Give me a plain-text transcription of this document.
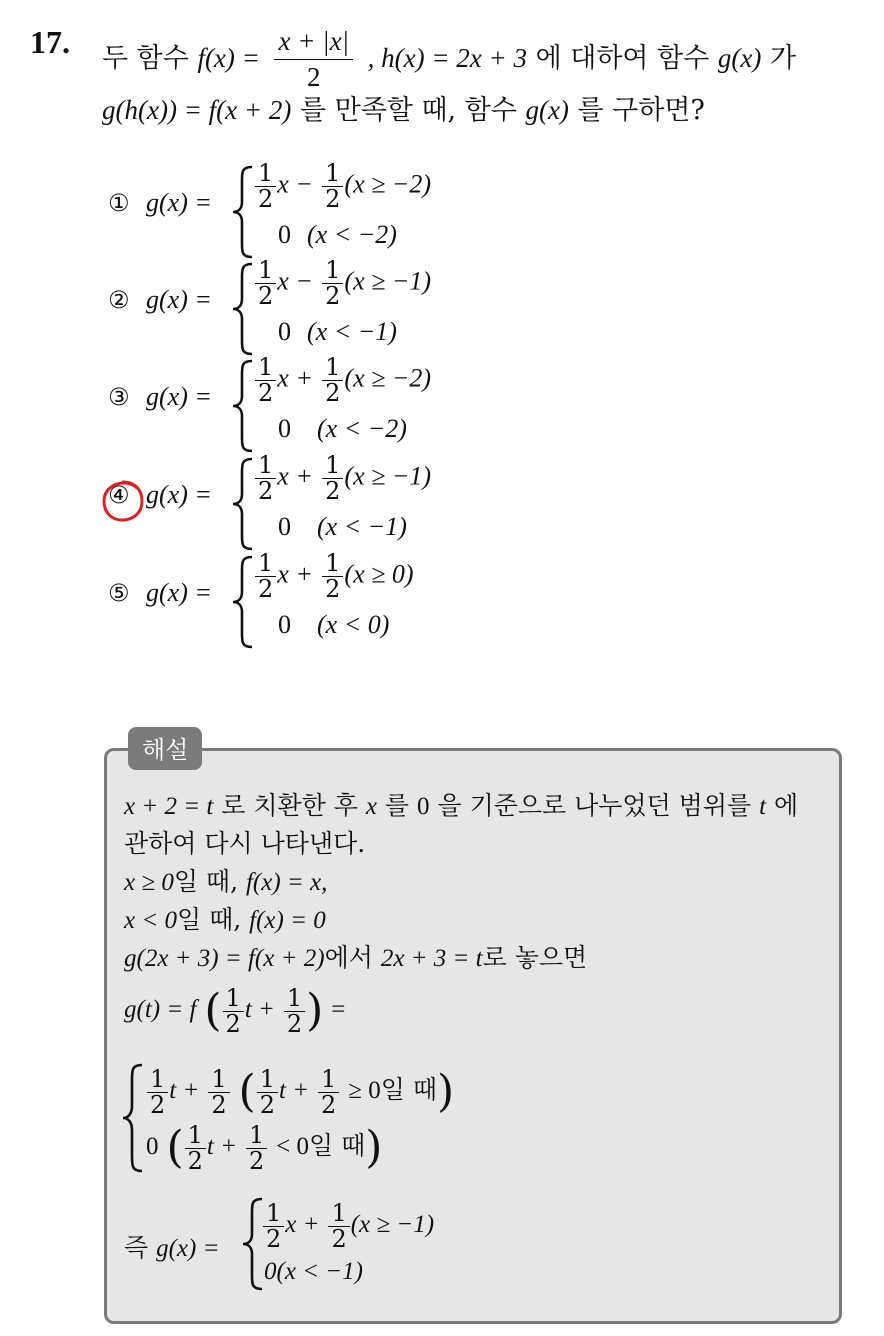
17. 두 함수 $f(x) = \frac{x + |x|}{2}$ , h(x) = 2x + 3 에 대하여 함수 g(x) 가
g(h(x)) = f(x + 2) 를 만족할 때, 함수 g(x) 를 구하면?
① $g(x) = \frac{1}{2}$ $x - \frac{1}{2} (x \ge -2)$
0 (x < −2)
② $g(x) = \frac{1}{2}$ $x - \frac{1}{2} (x \ge -1)$
0 (x < −1)
③ $g(x) = \frac{1}{2}$ $x + \frac{1}{2} (x \ge -2)$
0 (x < −2)
④ $g(x) = \frac{1}{2}$ $x + \frac{1}{2} (x \ge -1)$
0 (x < −1)
⑤ $g(x) = \frac{1}{2}$ $x + \frac{1}{2} (x \ge 0)$
0 (x < 0)
해설
x + 2 = t 로 치환한 후 x 를 0 을 기준으로 나누었던 범위를 t 에
관하여 다시 나타낸다.
x ≥ 0일 때, f(x) = x,
x < 0일 때, f(x) = 0
g(2x + 3) = f(x + 2)에서 2x + 3 = t로 놓으면
g(t) = f ( $\frac{1}{2}$ $t + \frac{1}{2}$ ) =
$\frac{1}{2}$ $t + \frac{1}{2}$ ( $\frac{1}{2}$ $t + \frac{1}{2} \ge 0$일 때)
0 ( $\frac{1}{2}$ $t + \frac{1}{2} < 0$일 때)
즉 $g(x) = \frac{1}{2}$ $x + \frac{1}{2} (x \ge -1)$
0(x < −1)
